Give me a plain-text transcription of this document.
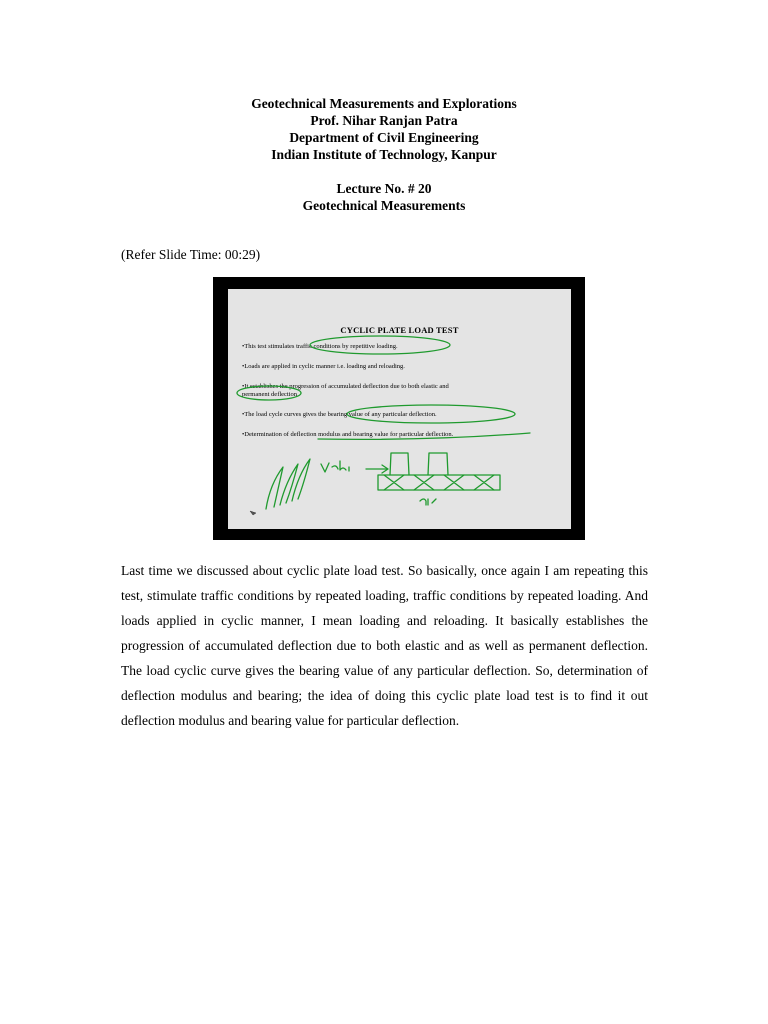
Geotechnical Measurements and Explorations
Prof. Nihar Ranjan Patra
Department of Civil Engineering
Indian Institute of Technology, Kanpur
Lecture No. # 20
Geotechnical Measurements
(Refer Slide Time: 00:29)
CYCLIC PLATE LOAD TEST
•This test stimulates traffic conditions by repetitive loading.
•Loads are applied in cyclic manner i.e. loading and reloading.
•It establishes the progression of accumulated deflection due to both elastic and
permanent deflection
•The load cycle curves gives the bearing value of any particular deflection.
•Determination of deflection modulus and bearing value for particular deflection.
Last time we discussed about cyclic plate load test. So basically, once again I am repeating this test, stimulate traffic conditions by repeated loading, traffic conditions by repeated loading. And loads applied in cyclic manner, I mean loading and reloading. It basically establishes the progression of accumulated deflection due to both elastic and as well as permanent deflection. The load cyclic curve gives the bearing value of any particular deflection. So, determination of deflection modulus and bearing; the idea of doing this cyclic plate load test is to find it out deflection modulus and bearing value for particular deflection.
